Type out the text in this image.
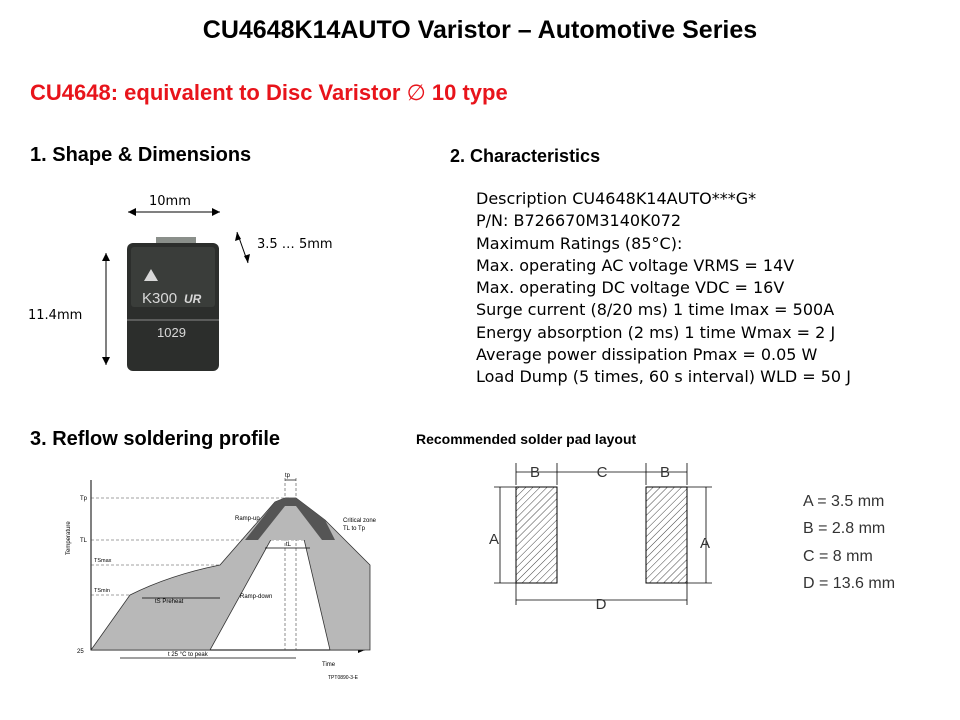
CU4648K14AUTO Varistor – Automotive Series
CU4648: equivalent to Disc Varistor ∅ 10 type
1. Shape & Dimensions
K300 UR
1029
10mm
3.5 … 5mm
11.4mm
2. Characteristics
Description CU4648K14AUTO***G*
P/N: B726670M3140K072
Maximum Ratings (85°C):
Max. operating AC voltage VRMS = 14V
Max. operating DC voltage VDC = 16V
Surge current (8/20 ms) 1 time Imax = 500A
Energy absorption (2 ms) 1 time Wmax = 2 J
Average power dissipation Pmax = 0.05 W
Load Dump (5 times, 60 s interval) WLD = 50 J
3. Reflow soldering profile
tp
Tp
TL
TSmax
TSmin
25
Temperature
Ramp-up	Critical zone
TL to Tp
tL
tS Preheat
Ramp-down
t 25 °C to peak
Time
TPT0890-3-E
Recommended solder pad layout
B	C	B
A	A
D
A = 3.5 mm
B = 2.8 mm
C = 8 mm
D = 13.6 mm
